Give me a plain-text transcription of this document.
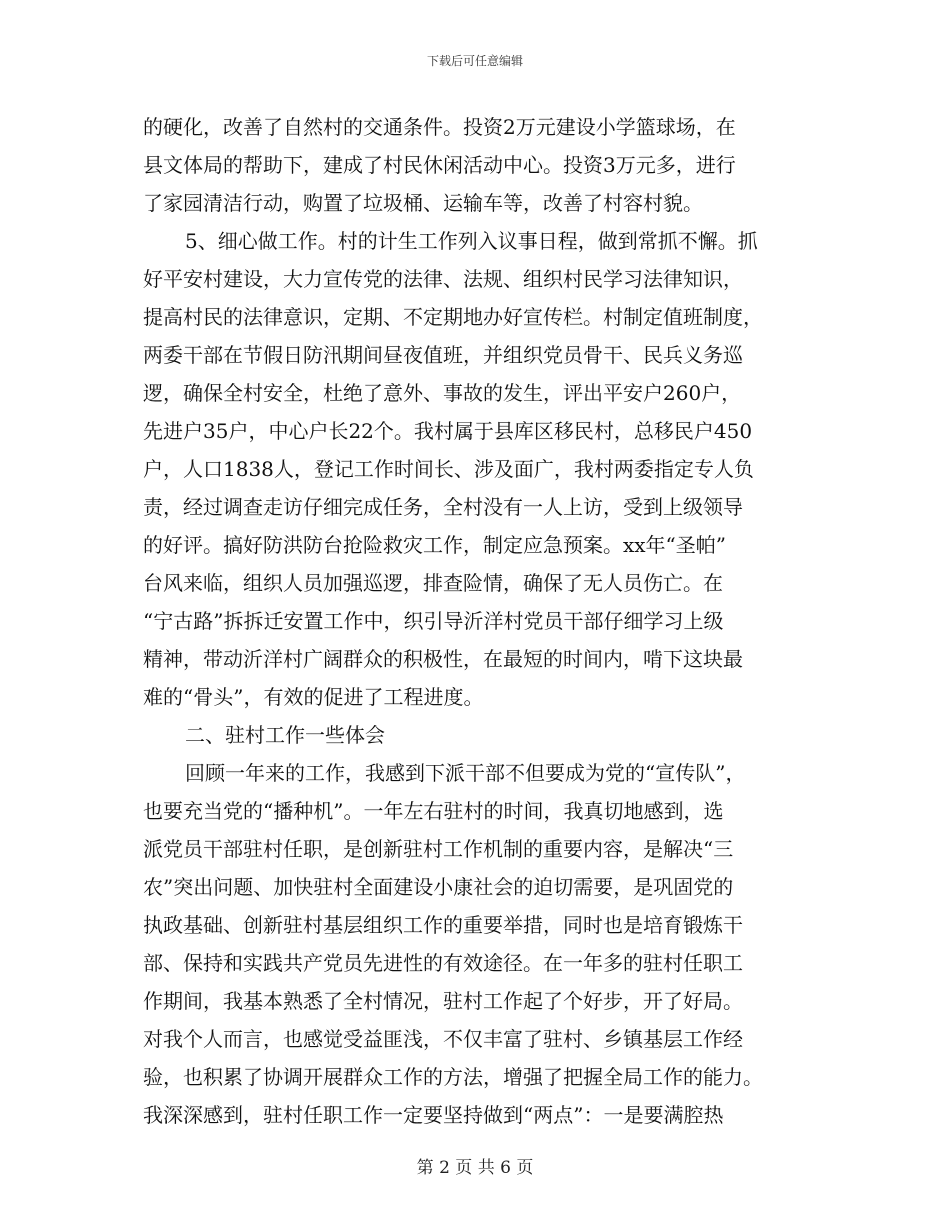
下载后可任意编辑
的硬化，改善了自然村的交通条件。投资2万元建设小学篮球场，在
县文体局的帮助下，建成了村民休闲活动中心。投资3万元多，进行
了家园清洁行动，购置了垃圾桶、运输车等，改善了村容村貌。
5、细心做工作。村的计生工作列入议事日程，做到常抓不懈。抓
好平安村建设，大力宣传党的法律、法规、组织村民学习法律知识，
提高村民的法律意识，定期、不定期地办好宣传栏。村制定值班制度，
两委干部在节假日防汛期间昼夜值班，并组织党员骨干、民兵义务巡
逻，确保全村安全，杜绝了意外、事故的发生，评出平安户260户，
先进户35户，中心户长22个。我村属于县库区移民村，总移民户450
户，人口1838人，登记工作时间长、涉及面广，我村两委指定专人负
责，经过调查走访仔细完成任务，全村没有一人上访，受到上级领导
的好评。搞好防洪防台抢险救灾工作，制定应急预案。xx年“圣帕”
台风来临，组织人员加强巡逻，排查险情，确保了无人员伤亡。在
“宁古路”拆拆迁安置工作中，织引导沂洋村党员干部仔细学习上级
精神，带动沂洋村广阔群众的积极性，在最短的时间内，啃下这块最
难的“骨头”，有效的促进了工程进度。
二、驻村工作一些体会
回顾一年来的工作，我感到下派干部不但要成为党的“宣传队”，
也要充当党的“播种机”。一年左右驻村的时间，我真切地感到，选
派党员干部驻村任职，是创新驻村工作机制的重要内容，是解决“三
农”突出问题、加快驻村全面建设小康社会的迫切需要，是巩固党的
执政基础、创新驻村基层组织工作的重要举措，同时也是培育锻炼干
部、保持和实践共产党员先进性的有效途径。在一年多的驻村任职工
作期间，我基本熟悉了全村情况，驻村工作起了个好步，开了好局。
对我个人而言，也感觉受益匪浅，不仅丰富了驻村、乡镇基层工作经
验，也积累了协调开展群众工作的方法，增强了把握全局工作的能力。
我深深感到，驻村任职工作一定要坚持做到“两点”：一是要满腔热
第 2 页 共 6 页
